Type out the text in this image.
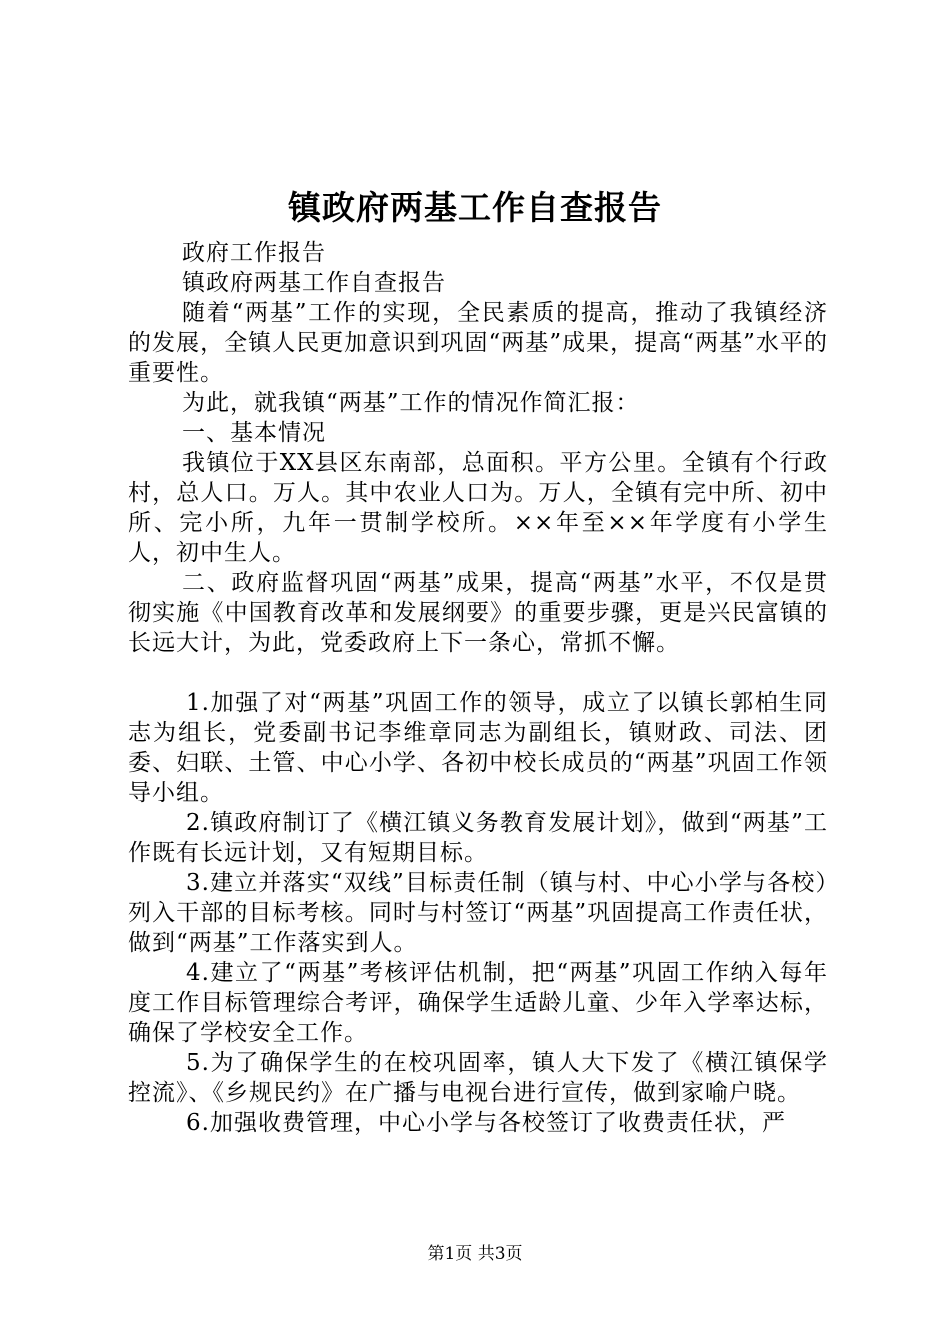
镇政府两基工作自查报告

政府工作报告

镇政府两基工作自查报告

随着“两基”工作的实现，全民素质的提高，推动了我镇经济的发展，全镇人民更加意识到巩固“两基”成果，提高“两基”水平的重要性。

为此，就我镇“两基”工作的情况作简汇报：

一、基本情况

我镇位于XX县区东南部，总面积。平方公里。全镇有个行政村，总人口。万人。其中农业人口为。万人，全镇有完中所、初中所、完小所，九年一贯制学校所。××年至××年学度有小学生人，初中生人。

二、政府监督巩固“两基”成果，提高“两基”水平，不仅是贯彻实施《中国教育改革和发展纲要》的重要步骤，更是兴民富镇的长远大计，为此，党委政府上下一条心，常抓不懈。

1.加强了对“两基”巩固工作的领导，成立了以镇长郭柏生同志为组长，党委副书记李维章同志为副组长，镇财政、司法、团委、妇联、土管、中心小学、各初中校长成员的“两基”巩固工作领导小组。

2.镇政府制订了《横江镇义务教育发展计划》，做到“两基”工作既有长远计划，又有短期目标。

3.建立并落实“双线”目标责任制（镇与村、中心小学与各校）列入干部的目标考核。同时与村签订“两基”巩固提高工作责任状，做到“两基”工作落实到人。

4.建立了“两基”考核评估机制，把“两基”巩固工作纳入每年度工作目标管理综合考评，确保学生适龄儿童、少年入学率达标，确保了学校安全工作。

5.为了确保学生的在校巩固率，镇人大下发了《横江镇保学控流》、《乡规民约》在广播与电视台进行宣传，做到家喻户晓。

6.加强收费管理，中心小学与各校签订了收费责任状，严

第1页 共3页
